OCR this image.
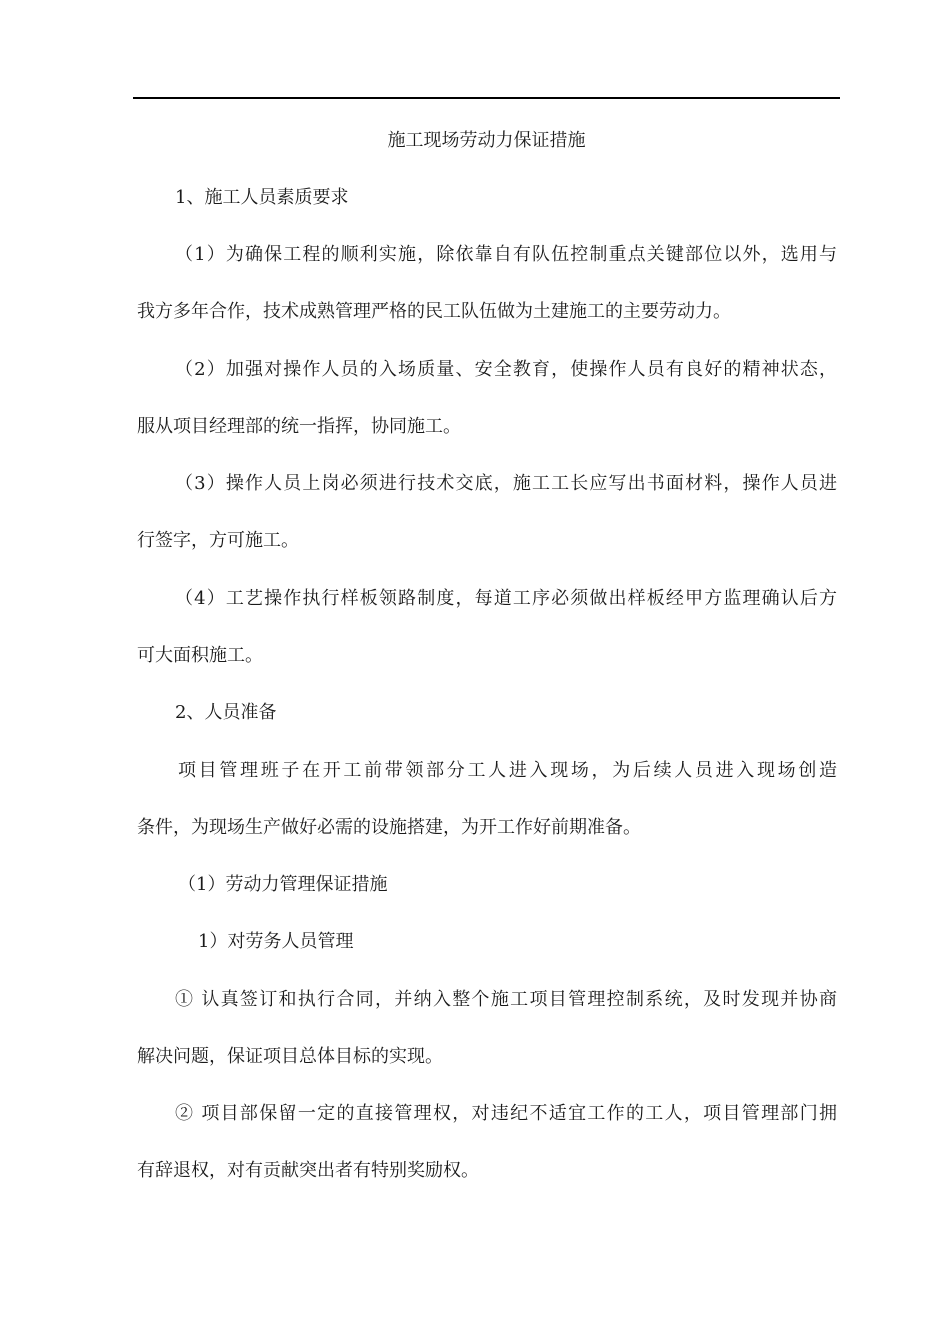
施工现场劳动力保证措施
1、施工人员素质要求
（1）为确保工程的顺利实施，除依靠自有队伍控制重点关键部位以外，选用与
我方多年合作，技术成熟管理严格的民工队伍做为土建施工的主要劳动力。
（2）加强对操作人员的入场质量、安全教育，使操作人员有良好的精神状态，
服从项目经理部的统一指挥，协同施工。
（3）操作人员上岗必须进行技术交底，施工工长应写出书面材料，操作人员进
行签字，方可施工。
（4）工艺操作执行样板领路制度，每道工序必须做出样板经甲方监理确认后方
可大面积施工。
2、人员准备
项目管理班子在开工前带领部分工人进入现场，为后续人员进入现场创造
条件，为现场生产做好必需的设施搭建，为开工作好前期准备。
（1）劳动力管理保证措施
1）对劳务人员管理
① 认真签订和执行合同，并纳入整个施工项目管理控制系统，及时发现并协商
解决问题，保证项目总体目标的实现。
② 项目部保留一定的直接管理权，对违纪不适宜工作的工人，项目管理部门拥
有辞退权，对有贡献突出者有特别奖励权。
